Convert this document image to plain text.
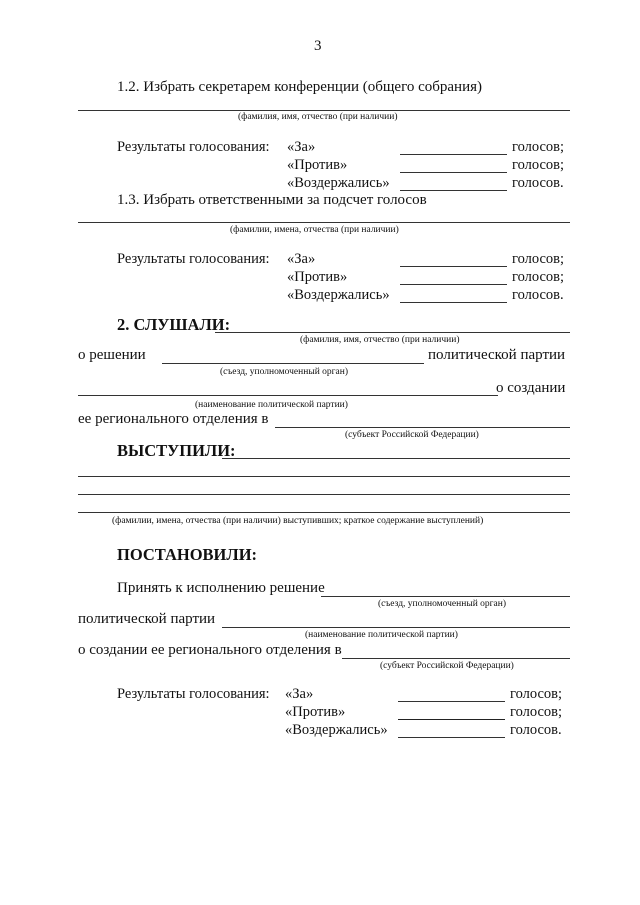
3
1.2. Избрать секретарем конференции (общего собрания)
(фамилия, имя, отчество (при наличии)
Результаты голосования: «За»	голосов;
«Против»	голосов;
«Воздержались»	голосов.
1.3. Избрать ответственными за подсчет голосов
(фамилии, имена, отчества (при наличии)
Результаты голосования: «За»	голосов;
«Против»	голосов;
«Воздержались»	голосов.
2. СЛУШАЛИ:
(фамилия, имя, отчество (при наличии)
о решении	политической партии
(съезд, уполномоченный орган)
о создании
(наименование политической партии)
ее регионального отделения в
(субъект Российской Федерации)
ВЫСТУПИЛИ:
(фамилии, имена, отчества (при наличии) выступивших; краткое содержание выступлений)
ПОСТАНОВИЛИ:
Принять к исполнению решение
(съезд, уполномоченный орган)
политической партии
(наименование политической партии)
о создании ее регионального отделения в
(субъект Российской Федерации)
Результаты голосования: «За»	голосов;
«Против»	голосов;
«Воздержались»	голосов.
